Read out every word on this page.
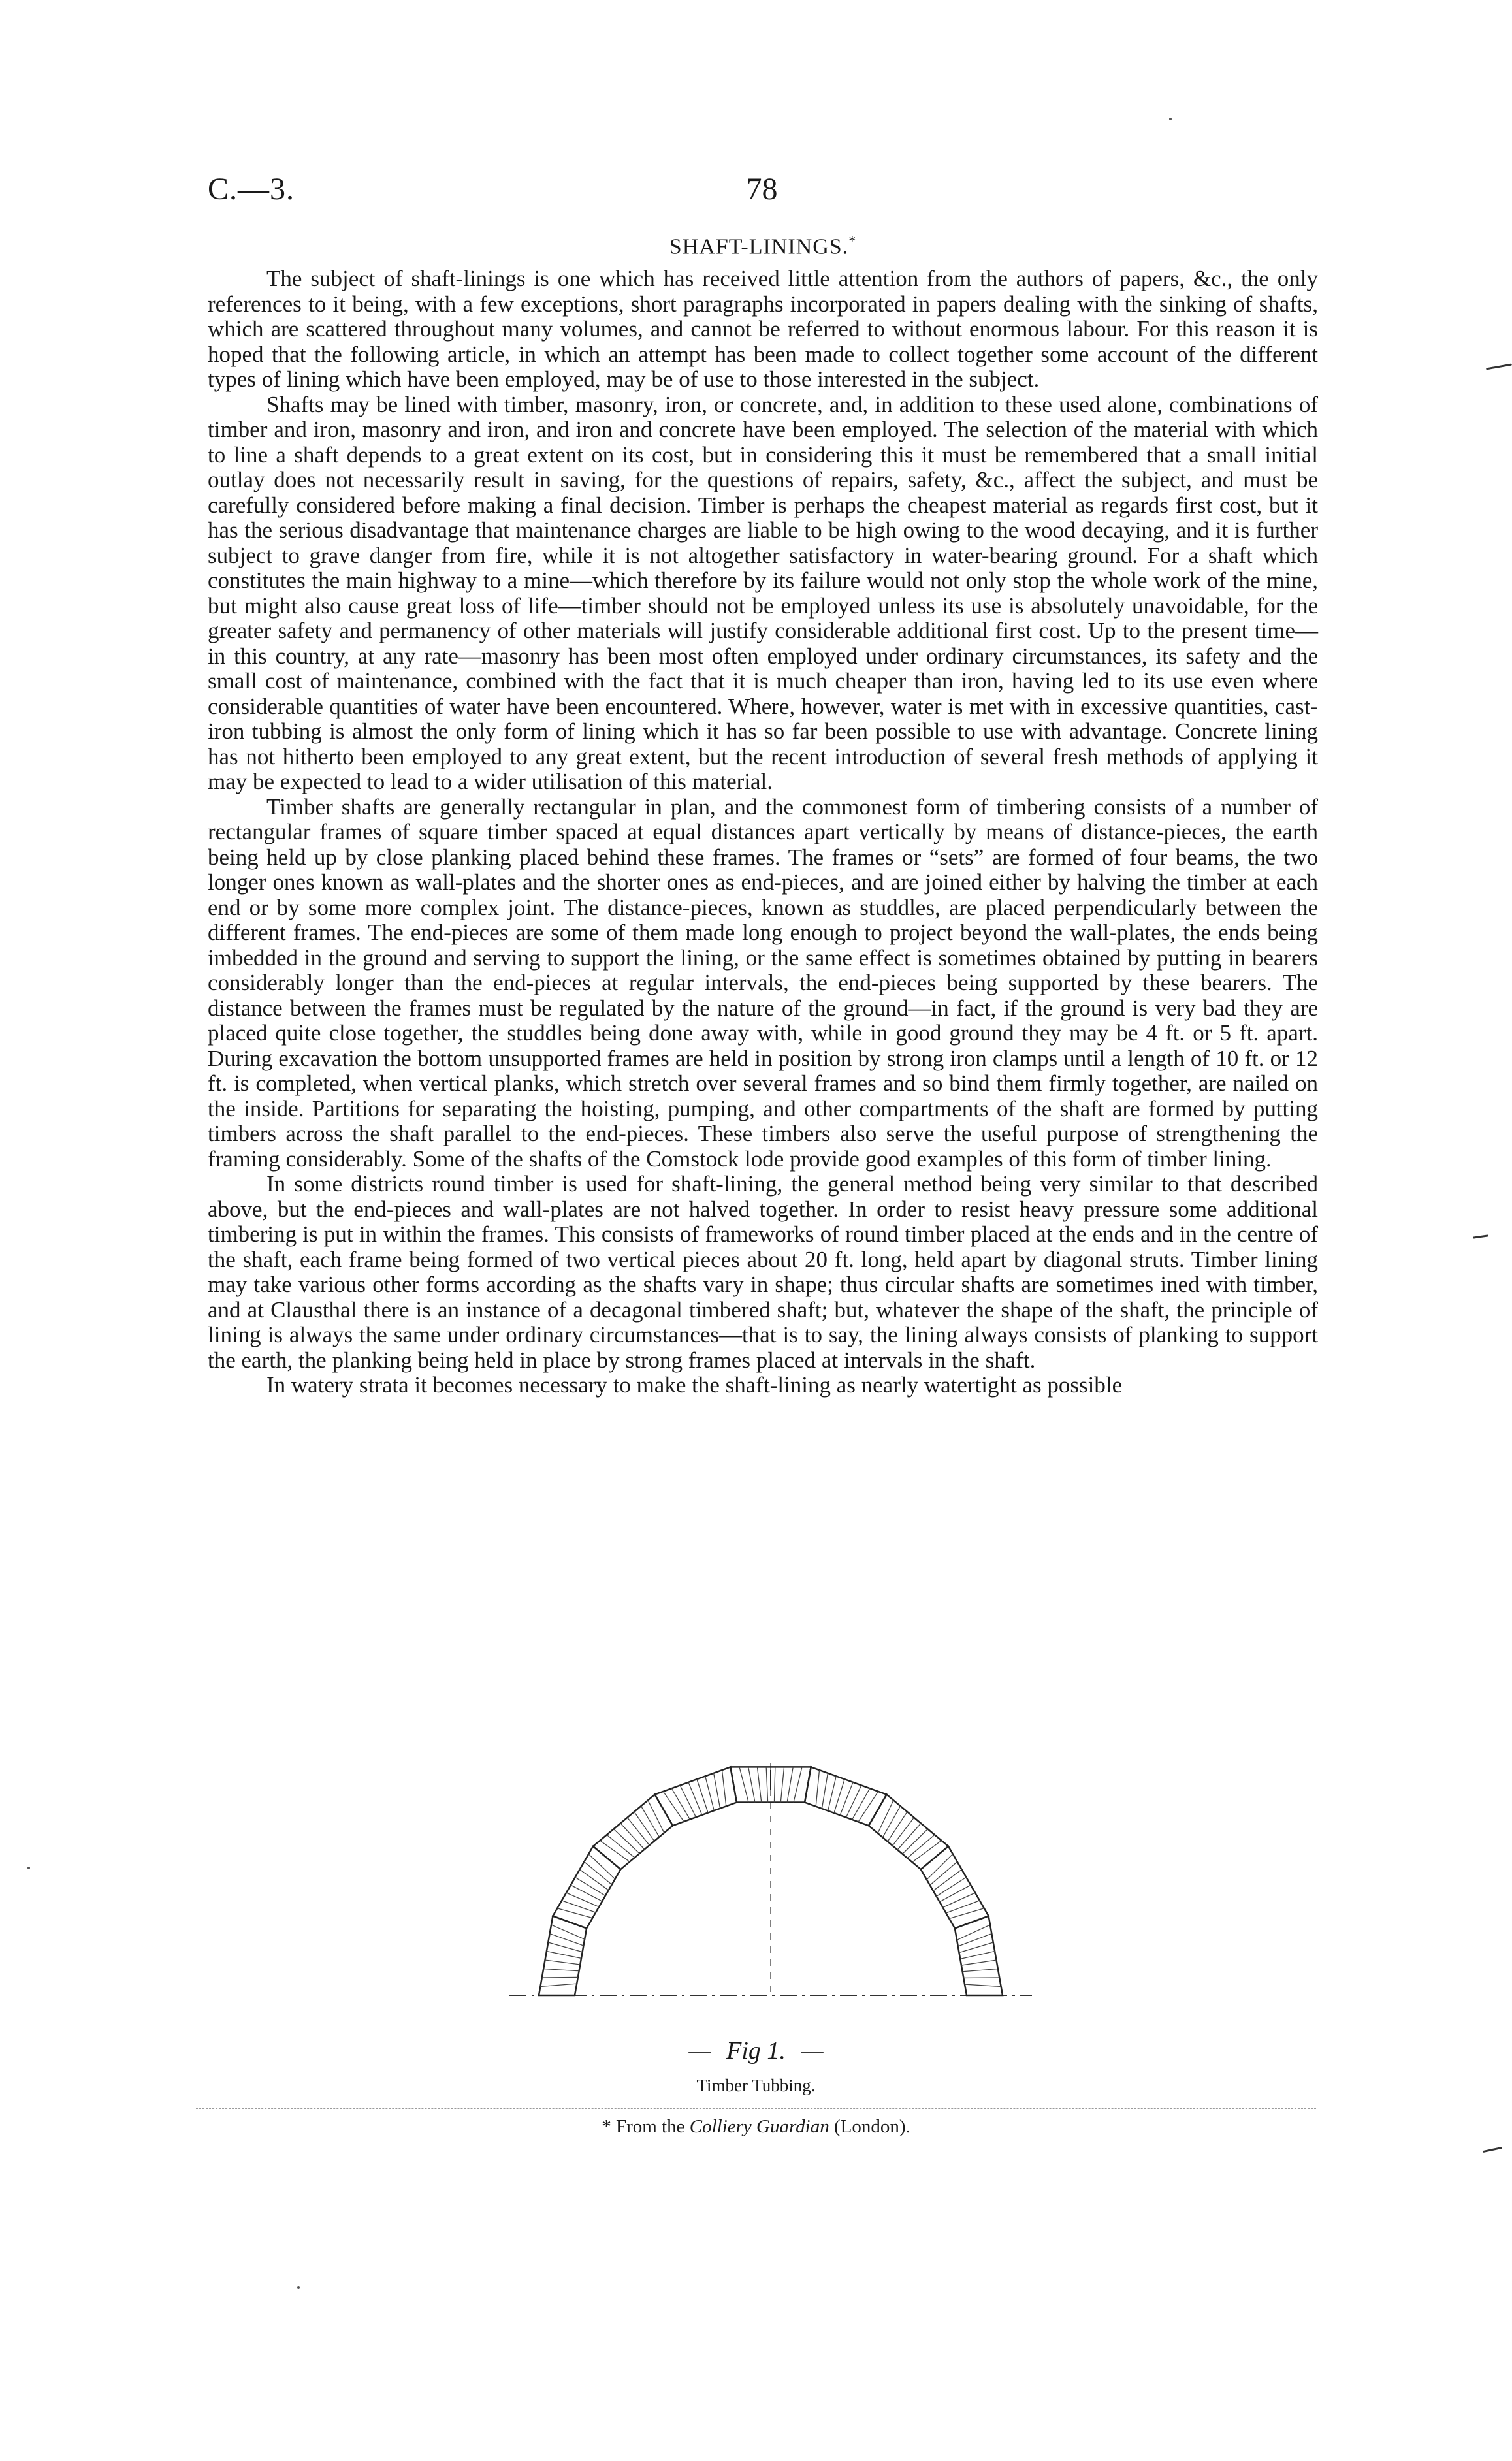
C.—3.	78
SHAFT-LININGS.*

The subject of shaft-linings is one which has received little attention from the authors of papers, &c., the only references to it being, with a few exceptions, short paragraphs incorporated in papers dealing with the sinking of shafts, which are scattered throughout many volumes, and cannot be referred to without enormous labour. For this reason it is hoped that the following article, in which an attempt has been made to collect together some account of the different types of lining which have been employed, may be of use to those interested in the subject.

Shafts may be lined with timber, masonry, iron, or concrete, and, in addition to these used alone, combinations of timber and iron, masonry and iron, and iron and concrete have been employed. The selection of the material with which to line a shaft depends to a great extent on its cost, but in considering this it must be remembered that a small initial outlay does not necessarily result in saving, for the questions of repairs, safety, &c., affect the subject, and must be carefully considered before making a final decision. Timber is perhaps the cheapest material as regards first cost, but it has the serious disadvantage that maintenance charges are liable to be high owing to the wood decaying, and it is further subject to grave danger from fire, while it is not altogether satisfactory in water-bearing ground. For a shaft which constitutes the main highway to a mine—which therefore by its failure would not only stop the whole work of the mine, but might also cause great loss of life—timber should not be employed unless its use is absolutely unavoidable, for the greater safety and permanency of other materials will justify considerable additional first cost. Up to the present time—in this country, at any rate—masonry has been most often employed under ordinary circumstances, its safety and the small cost of maintenance, combined with the fact that it is much cheaper than iron, having led to its use even where considerable quantities of water have been encountered. Where, however, water is met with in excessive quantities, cast-iron tubbing is almost the only form of lining which it has so far been possible to use with advantage. Concrete lining has not hitherto been employed to any great extent, but the recent introduction of several fresh methods of applying it may be expected to lead to a wider utilisation of this material.

Timber shafts are generally rectangular in plan, and the commonest form of timbering consists of a number of rectangular frames of square timber spaced at equal distances apart vertically by means of distance-pieces, the earth being held up by close planking placed behind these frames. The frames or “sets” are formed of four beams, the two longer ones known as wall-plates and the shorter ones as end-pieces, and are joined either by halving the timber at each end or by some more complex joint. The distance-pieces, known as studdles, are placed perpendicularly between the different frames. The end-pieces are some of them made long enough to project beyond the wall-plates, the ends being imbedded in the ground and serving to support the lining, or the same effect is sometimes obtained by putting in bearers considerably longer than the end-pieces at regular intervals, the end-pieces being supported by these bearers. The distance between the frames must be regulated by the nature of the ground—in fact, if the ground is very bad they are placed quite close together, the studdles being done away with, while in good ground they may be 4 ft. or 5 ft. apart. During excavation the bottom unsupported frames are held in position by strong iron clamps until a length of 10 ft. or 12 ft. is completed, when vertical planks, which stretch over several frames and so bind them firmly together, are nailed on the inside. Partitions for separating the hoisting, pumping, and other compartments of the shaft are formed by putting timbers across the shaft parallel to the end-pieces. These timbers also serve the useful purpose of strengthening the framing considerably. Some of the shafts of the Comstock lode provide good examples of this form of timber lining.

In some districts round timber is used for shaft-lining, the general method being very similar to that described above, but the end-pieces and wall-plates are not halved together. In order to resist heavy pressure some additional timbering is put in within the frames. This consists of frameworks of round timber placed at the ends and in the centre of the shaft, each frame being formed of two vertical pieces about 20 ft. long, held apart by diagonal struts. Timber lining may take various other forms according as the shafts vary in shape; thus circular shafts are sometimes ined with timber, and at Clausthal there is an instance of a decagonal timbered shaft; but, whatever the shape of the shaft, the principle of lining is always the same under ordinary circumstances—that is to say, the lining always consists of planking to support the earth, the planking being held in place by strong frames placed at intervals in the shaft.

In watery strata it becomes necessary to make the shaft-lining as nearly watertight as possible

— Fig 1. —
Timber Tubbing.
* From the Colliery Guardian (London).
